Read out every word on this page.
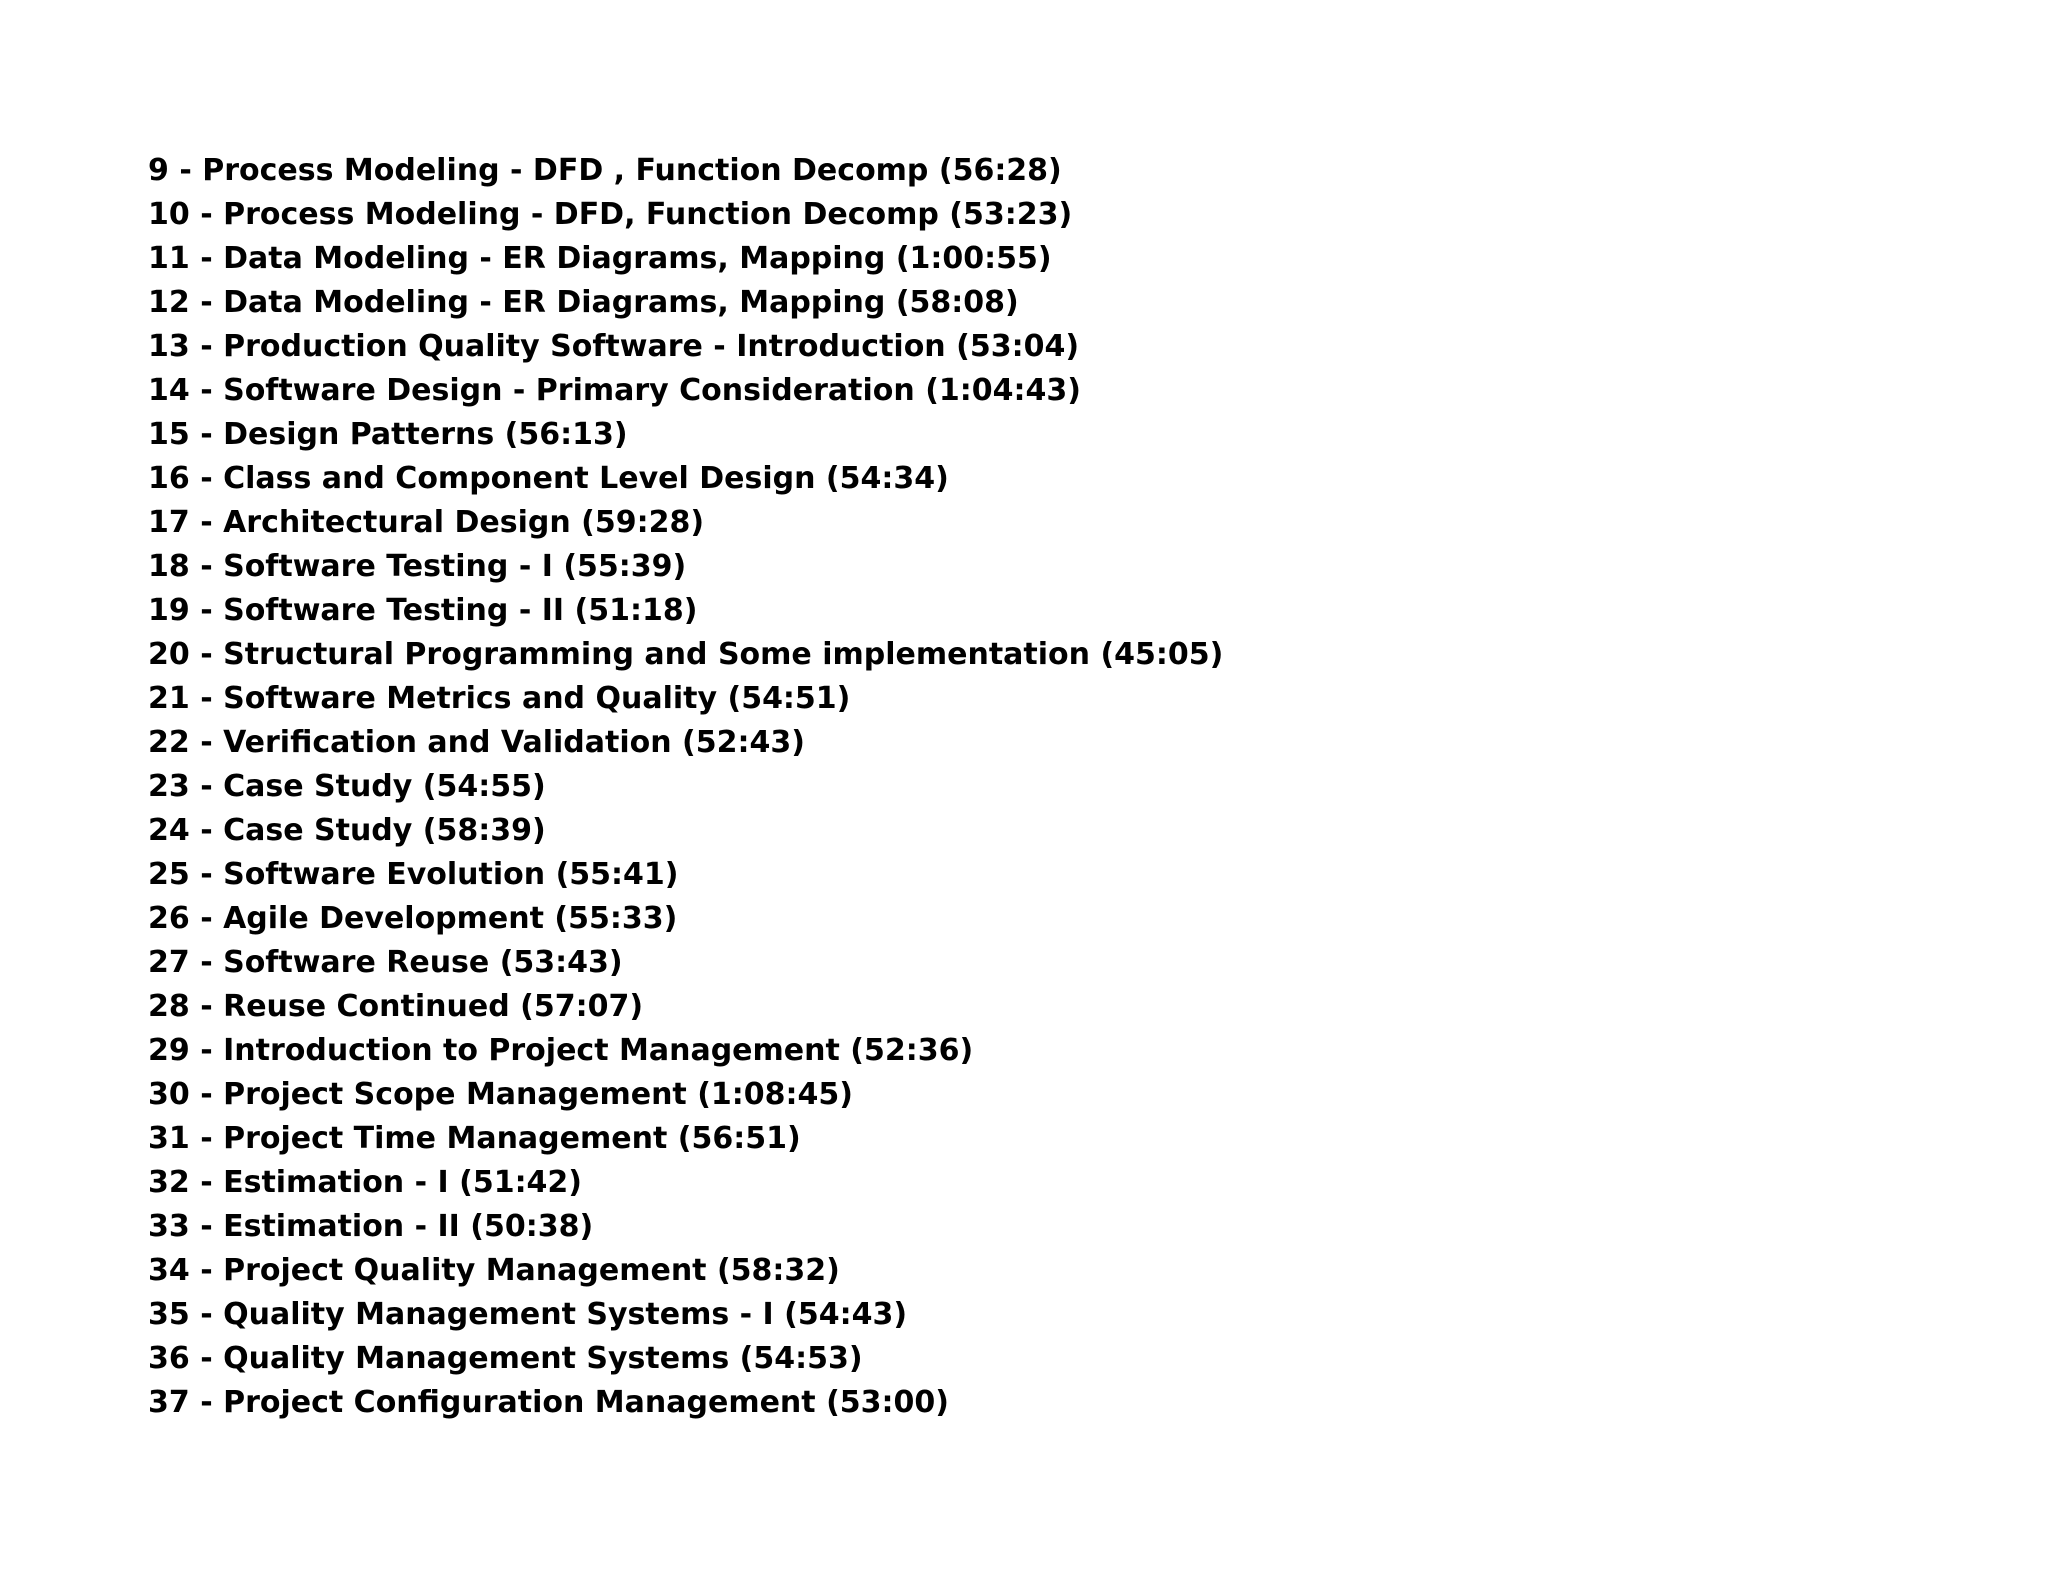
9 - Process Modeling - DFD , Function Decomp (56:28)
10 - Process Modeling - DFD, Function Decomp (53:23)
11 - Data Modeling - ER Diagrams, Mapping (1:00:55)
12 - Data Modeling - ER Diagrams, Mapping (58:08)
13 - Production Quality Software - Introduction (53:04)
14 - Software Design - Primary Consideration (1:04:43)
15 - Design Patterns (56:13)
16 - Class and Component Level Design (54:34)
17 - Architectural Design (59:28)
18 - Software Testing - I (55:39)
19 - Software Testing - II (51:18)
20 - Structural Programming and Some implementation (45:05)
21 - Software Metrics and Quality (54:51)
22 - Verification and Validation (52:43)
23 - Case Study (54:55)
24 - Case Study (58:39)
25 - Software Evolution (55:41)
26 - Agile Development (55:33)
27 - Software Reuse (53:43)
28 - Reuse Continued (57:07)
29 - Introduction to Project Management (52:36)
30 - Project Scope Management (1:08:45)
31 - Project Time Management (56:51)
32 - Estimation - I (51:42)
33 - Estimation - II (50:38)
34 - Project Quality Management (58:32)
35 - Quality Management Systems - I (54:43)
36 - Quality Management Systems (54:53)
37 - Project Configuration Management (53:00)
